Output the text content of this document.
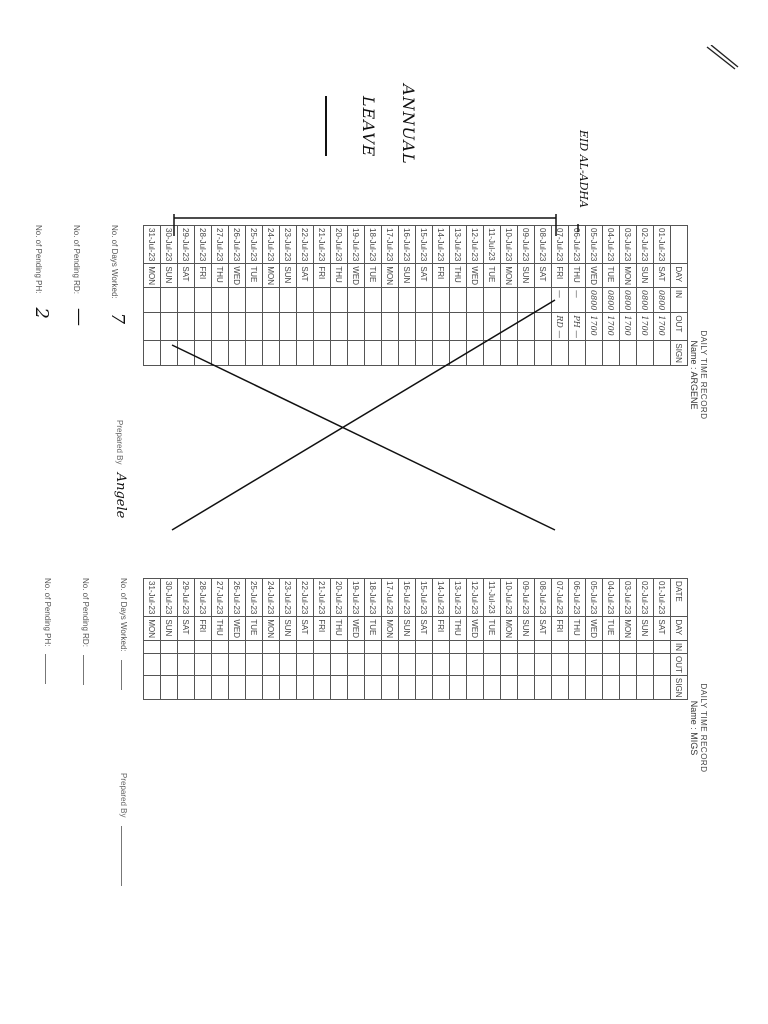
DAILY TIME RECORD
Name : ARGENE
	DAY	IN	OUT	SIGN
01-Jul-23	SAT	0800	1700	
02-Jul-23	SUN	0800	1700	
03-Jul-23	MON	0800	1700	
04-Jul-23	TUE	0800	1700	
05-Jul-23	WED	0800	1700	
06-Jul-23	THU	—	PH —	
07-Jul-23	FRI	—	RD —	
08-Jul-23	SAT			
09-Jul-23	SUN			
10-Jul-23	MON			
11-Jul-23	TUE			
12-Jul-23	WED			
13-Jul-23	THU			
14-Jul-23	FRI			
15-Jul-23	SAT			
16-Jul-23	SUN			
17-Jul-23	MON			
18-Jul-23	TUE			
19-Jul-23	WED			
20-Jul-23	THU			
21-Jul-23	FRI			
22-Jul-23	SAT			
23-Jul-23	SUN			
24-Jul-23	MON			
25-Jul-23	TUE			
26-Jul-23	WED			
27-Jul-23	THU			
28-Jul-23	FRI			
29-Jul-23	SAT			
30-Jul-23	SUN			
31-Jul-23	MON			
No. of Days Worked:7
No. of Pending RD:—
No. of Pending PH:2
Prepared By Angele
DAILY TIME RECORD
Name : MIGS
DATE	DAY	IN	OUT	SIGN
01-Jul-23	SAT			
02-Jul-23	SUN			
03-Jul-23	MON			
04-Jul-23	TUE			
05-Jul-23	WED			
06-Jul-23	THU			
07-Jul-23	FRI			
08-Jul-23	SAT			
09-Jul-23	SUN			
10-Jul-23	MON			
11-Jul-23	TUE			
12-Jul-23	WED			
13-Jul-23	THU			
14-Jul-23	FRI			
15-Jul-23	SAT			
16-Jul-23	SUN			
17-Jul-23	MON			
18-Jul-23	TUE			
19-Jul-23	WED			
20-Jul-23	THU			
21-Jul-23	FRI			
22-Jul-23	SAT			
23-Jul-23	SUN			
24-Jul-23	MON			
25-Jul-23	TUE			
26-Jul-23	WED			
27-Jul-23	THU			
28-Jul-23	FRI			
29-Jul-23	SAT			
30-Jul-23	SUN			
31-Jul-23	MON			
No. of Days Worked:
No. of Pending RD:
No. of Pending PH:
Prepared By
ANNUAL
LEAVE
EID AL-ADHA
